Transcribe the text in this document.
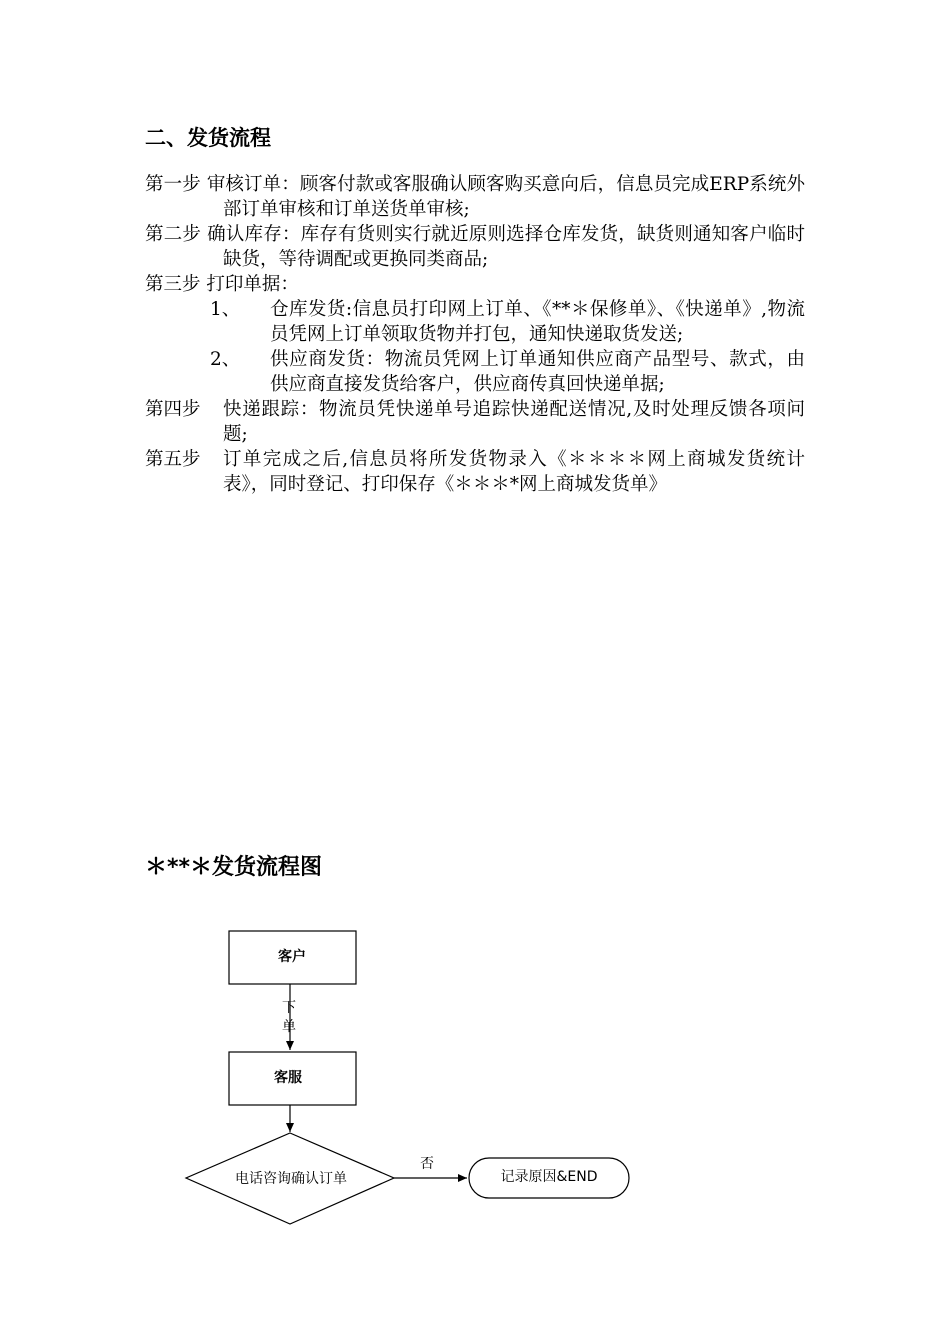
二、发货流程
第一步 审核订单：顾客付款或客服确认顾客购买意向后，信息员完成ERP系统外部订单审核和订单送货单审核;
第二步 确认库存：库存有货则实行就近原则选择仓库发货，缺货则通知客户临时缺货，等待调配或更换同类商品;
第三步 打印单据：
1、	仓库发货:信息员打印网上订单、《**＊保修单》、《快递单》,物流员凭网上订单领取货物并打包，通知快递取货发送;
2、	供应商发货：物流员凭网上订单通知供应商产品型号、款式，由供应商直接发货给客户，供应商传真回快递单据;
第四步	快递跟踪：物流员凭快递单号追踪快递配送情况,及时处理反馈各项问题;
第五步	订单完成之后,信息员将所发货物录入《＊＊＊＊网上商城发货统计表》，同时登记、打印保存《＊＊＊*网上商城发货单》
＊**＊发货流程图
客户
下
单
客服
电话咨询确认订单
否
记录原因&END
